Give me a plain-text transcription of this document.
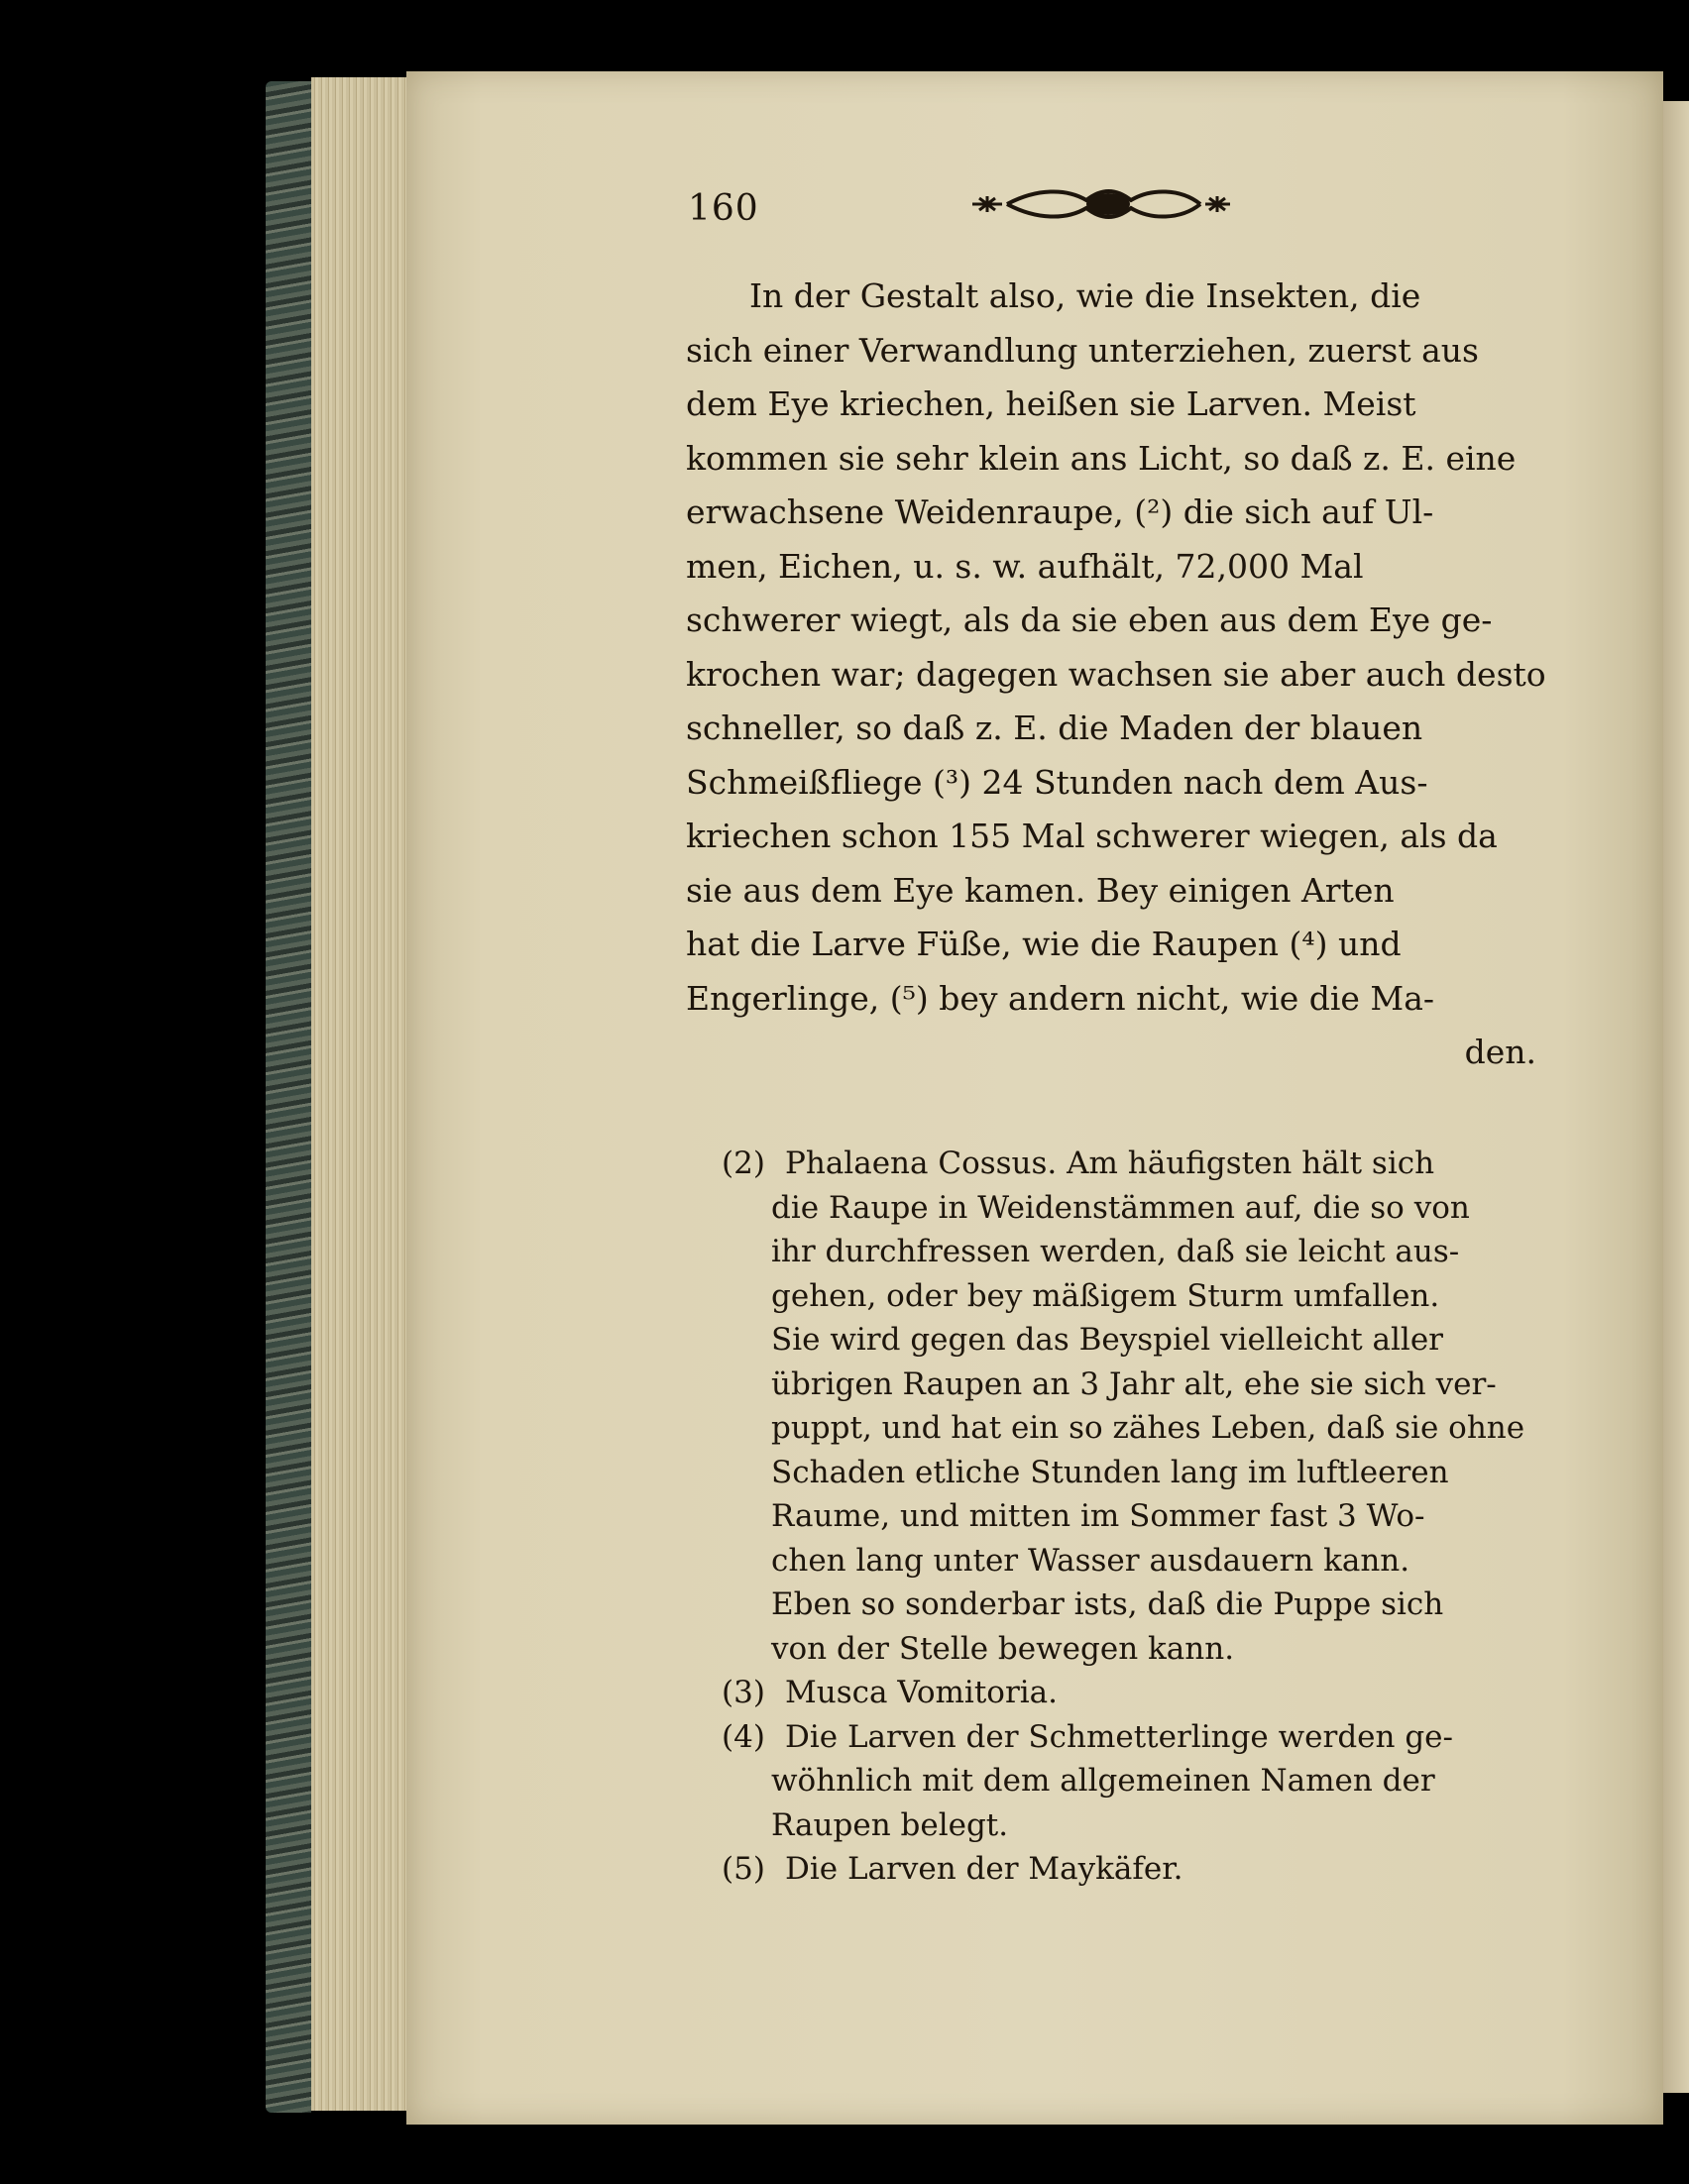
160
In der Gestalt also, wie die Insekten, die
sich einer Verwandlung unterziehen, zuerst aus
dem Eye kriechen, heißen sie Larven. Meist
kommen sie sehr klein ans Licht, so daß z. E. eine
erwachsene Weidenraupe, (²) die sich auf Ul-
men, Eichen, u. s. w. aufhält, 72,000 Mal
schwerer wiegt, als da sie eben aus dem Eye ge-
krochen war; dagegen wachsen sie aber auch desto
schneller, so daß z. E. die Maden der blauen
Schmeißfliege (³) 24 Stunden nach dem Aus-
kriechen schon 155 Mal schwerer wiegen, als da
sie aus dem Eye kamen. Bey einigen Arten
hat die Larve Füße, wie die Raupen (⁴) und
Engerlinge, (⁵) bey andern nicht, wie die Ma-
den.
(2) Phalaena Cossus. Am häufigsten hält sich
die Raupe in Weidenstämmen auf, die so von
ihr durchfressen werden, daß sie leicht aus-
gehen, oder bey mäßigem Sturm umfallen.
Sie wird gegen das Beyspiel vielleicht aller
übrigen Raupen an 3 Jahr alt, ehe sie sich ver-
puppt, und hat ein so zähes Leben, daß sie ohne
Schaden etliche Stunden lang im luftleeren
Raume, und mitten im Sommer fast 3 Wo-
chen lang unter Wasser ausdauern kann.
Eben so sonderbar ists, daß die Puppe sich
von der Stelle bewegen kann.
(3) Musca Vomitoria.
(4) Die Larven der Schmetterlinge werden ge-
wöhnlich mit dem allgemeinen Namen der
Raupen belegt.
(5) Die Larven der Maykäfer.
